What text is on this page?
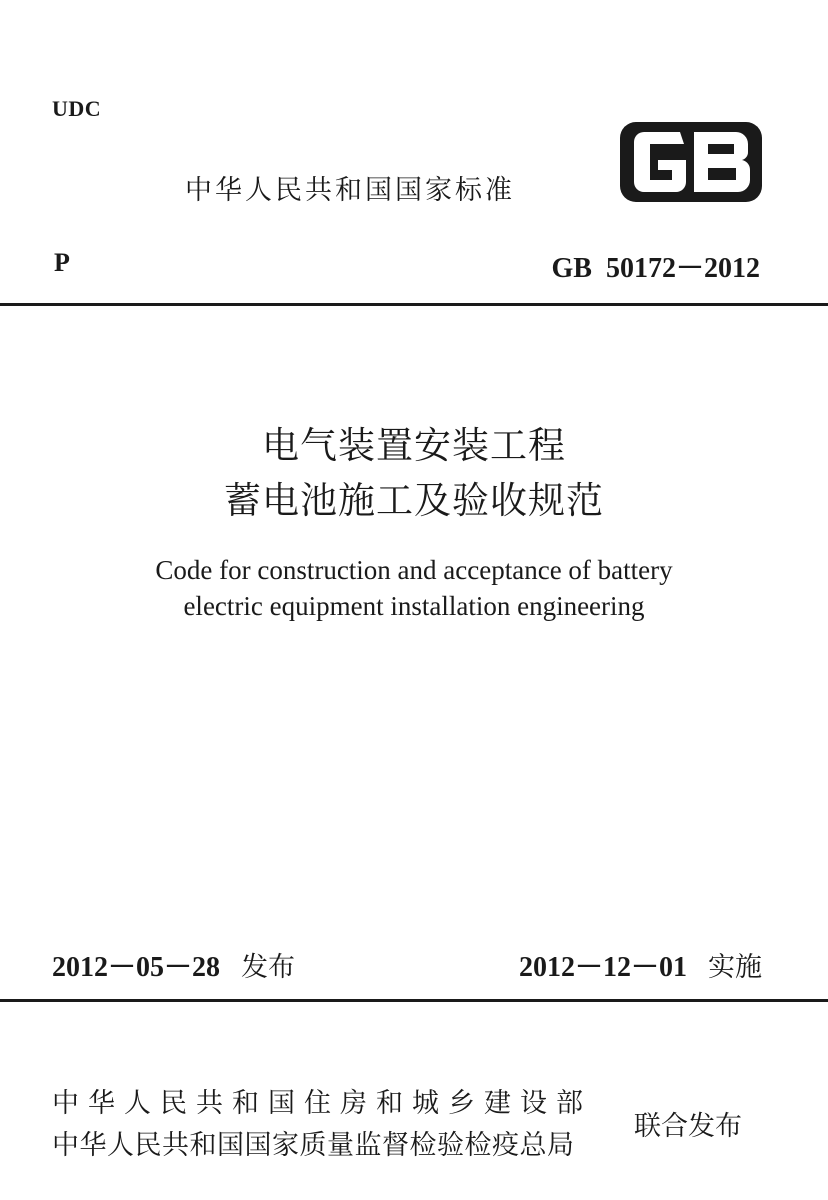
UDC
中华人民共和国国家标准
P	GB  50172－2012
电气装置安装工程
蓄电池施工及验收规范
Code for construction and acceptance of battery
electric equipment installation engineering
2012－05－28 发布	2012－12－01 实施
中华人民共和国住房和城乡建设部
中华人民共和国国家质量监督检验检疫总局
联合发布
